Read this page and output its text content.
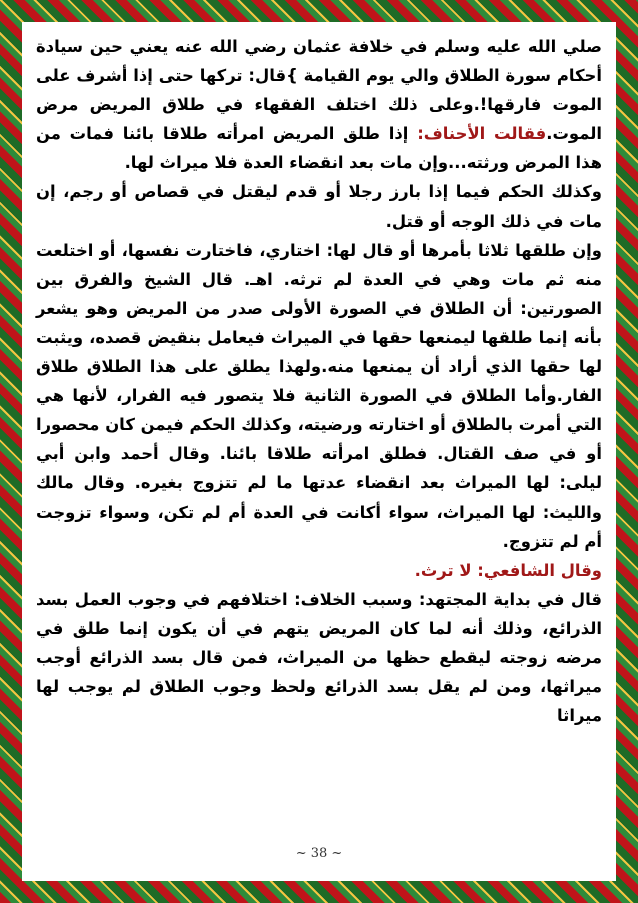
صلي الله عليه وسلم في خلافة عثمان رضي الله عنه يعني حين سيادة أحكام سورة الطلاق والي يوم القيامة }قال: تركها حتى إذا أشرف على الموت فارقها!.وعلى ذلك اختلف الفقهاء في طلاق المريض مرض الموت.فقالت الأحناف: إذا طلق المريض امرأته طلاقا بائنا فمات من هذا المرض ورثته...وإن مات بعد انقضاء العدة فلا ميراث لها.

وكذلك الحكم فيما إذا بارز رجلا أو قدم ليقتل في قصاص أو رجم، إن مات في ذلك الوجه أو قتل.

وإن طلقها ثلاثا بأمرها أو قال لها: اختاري، فاختارت نفسها، أو اختلعت منه ثم مات وهي في العدة لم ترثه. اهـ. قال الشيخ والفرق بين الصورتين: أن الطلاق في الصورة الأولى صدر من المريض وهو يشعر بأنه إنما طلقها ليمنعها حقها في الميراث فيعامل بنقيض قصده، ويثبت لها حقها الذي أراد أن يمنعها منه.ولهذا يطلق على هذا الطلاق طلاق الفار.وأما الطلاق في الصورة الثانية فلا يتصور فيه الفرار، لأنها هي التي أمرت بالطلاق أو اختارته ورضيته، وكذلك الحكم فيمن كان محصورا أو في صف القتال. فطلق امرأته طلاقا بائنا. وقال أحمد وابن أبي ليلى: لها الميراث بعد انقضاء عدتها ما لم تتزوج بغيره. وقال مالك والليث: لها الميراث، سواء أكانت في العدة أم لم تكن، وسواء تزوجت أم لم تتزوج.

وقال الشافعي: لا ترث.

قال في بداية المجتهد: وسبب الخلاف: اختلافهم في وجوب العمل بسد الذرائع، وذلك أنه لما كان المريض يتهم في أن يكون إنما طلق في مرضه زوجته ليقطع حظها من الميراث، فمن قال بسد الذرائع أوجب ميراثها، ومن لم يقل بسد الذرائع ولحظ وجوب الطلاق لم يوجب لها ميراثا

~ 38 ~
